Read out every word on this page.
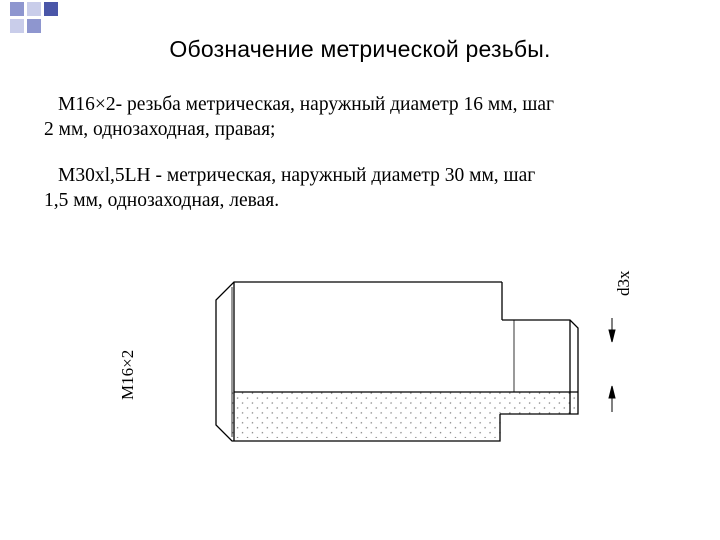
Обозначение метрической резьбы.
М16×2- резьба метрическая, наружный диаметр 16 мм, шаг
2 мм, однозаходная, правая;
М30хl,5LH - метрическая, наружный диаметр 30 мм, шаг
1,5 мм, однозаходная, левая.
М16×2
d3x
